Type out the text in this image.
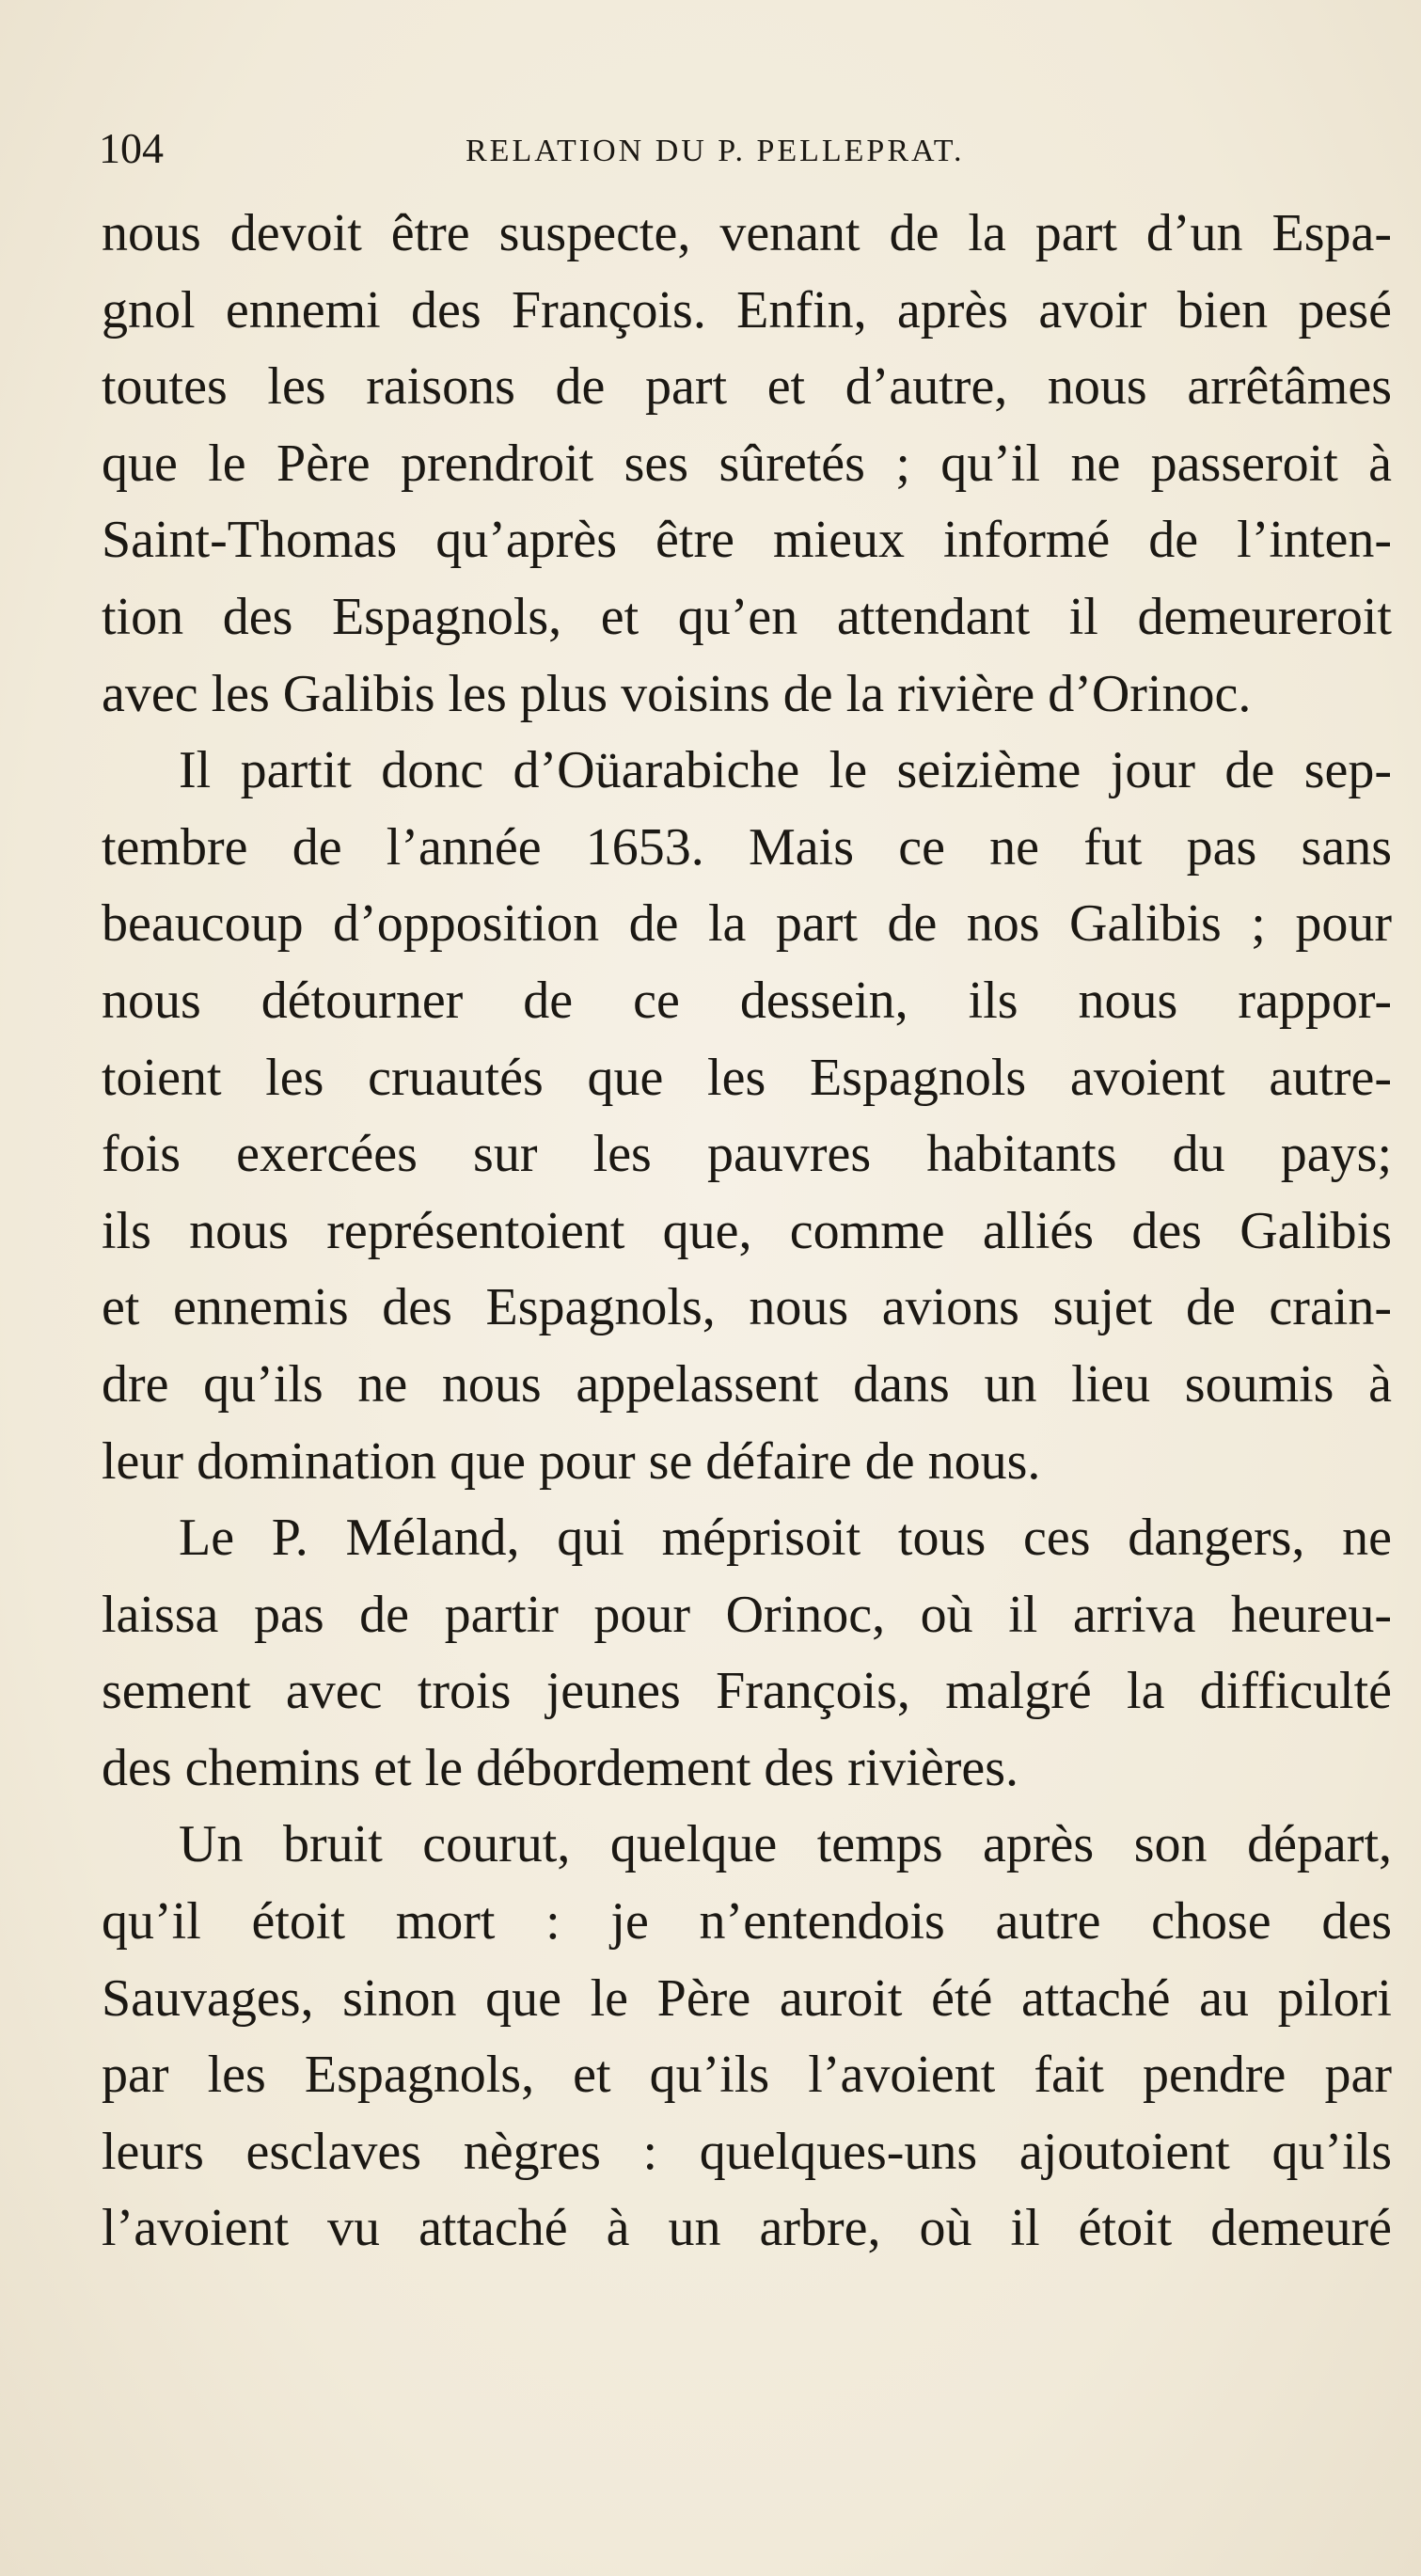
104	RELATION DU P. PELLEPRAT.
nous devoit être suspecte, venant de la part d’un Espa-
gnol ennemi des François. Enfin, après avoir bien pesé
toutes les raisons de part et d’autre, nous arrêtâmes
que le Père prendroit ses sûretés ; qu’il ne passeroit à
Saint-Thomas qu’après être mieux informé de l’inten-
tion des Espagnols, et qu’en attendant il demeureroit
avec les Galibis les plus voisins de la rivière d’Orinoc.
Il partit donc d’Oüarabiche le seizième jour de sep-
tembre de l’année 1653. Mais ce ne fut pas sans
beaucoup d’opposition de la part de nos Galibis ; pour
nous détourner de ce dessein, ils nous rappor-
toient les cruautés que les Espagnols avoient autre-
fois exercées sur les pauvres habitants du pays;
ils nous représentoient que, comme alliés des Galibis
et ennemis des Espagnols, nous avions sujet de crain-
dre qu’ils ne nous appelassent dans un lieu soumis à
leur domination que pour se défaire de nous.
Le P. Méland, qui méprisoit tous ces dangers, ne
laissa pas de partir pour Orinoc, où il arriva heureu-
sement avec trois jeunes François, malgré la difficulté
des chemins et le débordement des rivières.
Un bruit courut, quelque temps après son départ,
qu’il étoit mort : je n’entendois autre chose des
Sauvages, sinon que le Père auroit été attaché au pilori
par les Espagnols, et qu’ils l’avoient fait pendre par
leurs esclaves nègres : quelques-uns ajoutoient qu’ils
l’avoient vu attaché à un arbre, où il étoit demeuré
